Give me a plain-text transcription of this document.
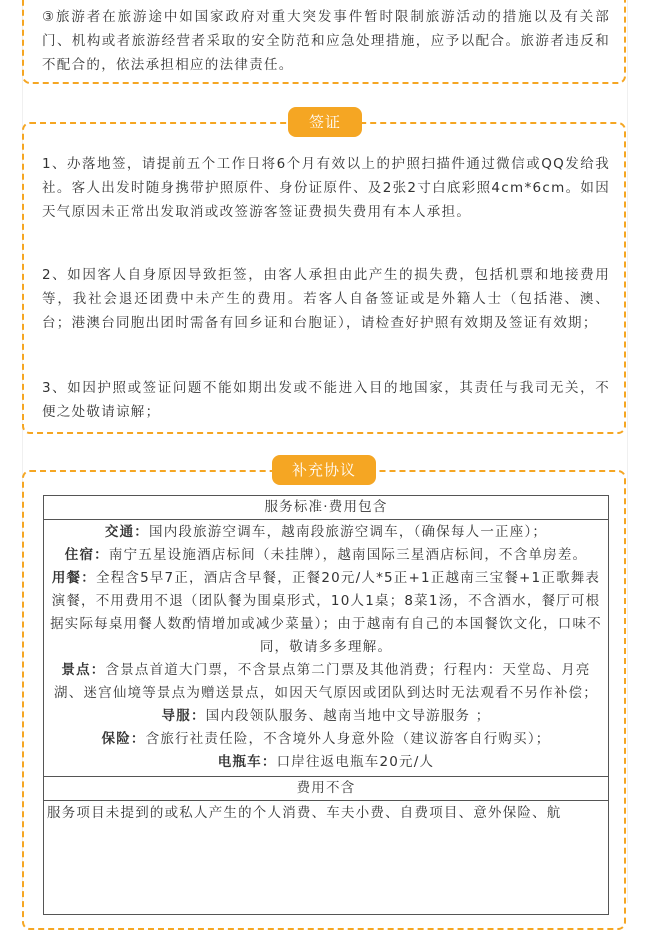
③旅游者在旅游途中如国家政府对重大突发事件暂时限制旅游活动的措施以及有关部门、机构或者旅游经营者采取的安全防范和应急处理措施，应予以配合。旅游者违反和不配合的，依法承担相应的法律责任。
签证
1、办落地签，请提前五个工作日将6个月有效以上的护照扫描件通过微信或QQ发给我社。客人出发时随身携带护照原件、身份证原件、及2张2寸白底彩照4cm*6cm。如因天气原因未正常出发取消或改签游客签证费损失费用有本人承担。
2、如因客人自身原因导致拒签，由客人承担由此产生的损失费，包括机票和地接费用等，我社会退还团费中未产生的费用。若客人自备签证或是外籍人士（包括港、澳、台；港澳台同胞出团时需备有回乡证和台胞证），请检查好护照有效期及签证有效期；
3、如因护照或签证问题不能如期出发或不能进入目的地国家，其责任与我司无关，不便之处敬请谅解；
补充协议
服务标准·费用包含
交通：国内段旅游空调车，越南段旅游空调车，（确保每人一正座）；
住宿：南宁五星设施酒店标间（未挂牌），越南国际三星酒店标间，不含单房差。
用餐：全程含5早7正，酒店含早餐，正餐20元/人*5正+1正越南三宝餐+1正歌舞表演餐，不用费用不退（团队餐为围桌形式，10人1桌；8菜1汤，不含酒水，餐厅可根据实际每桌用餐人数酌情增加或减少菜量）；由于越南有自己的本国餐饮文化，口味不同，敬请多多理解。
景点：含景点首道大门票，不含景点第二门票及其他消费；行程内：天堂岛、月亮湖、迷宫仙境等景点为赠送景点，如因天气原因或团队到达时无法观看不另作补偿；
导服：国内段领队服务、越南当地中文导游服务 ；
保险：含旅行社责任险，不含境外人身意外险（建议游客自行购买）；
电瓶车：口岸往返电瓶车20元/人
费用不含
服务项目未提到的或私人产生的个人消费、车夫小费、自费项目、意外保险、航
